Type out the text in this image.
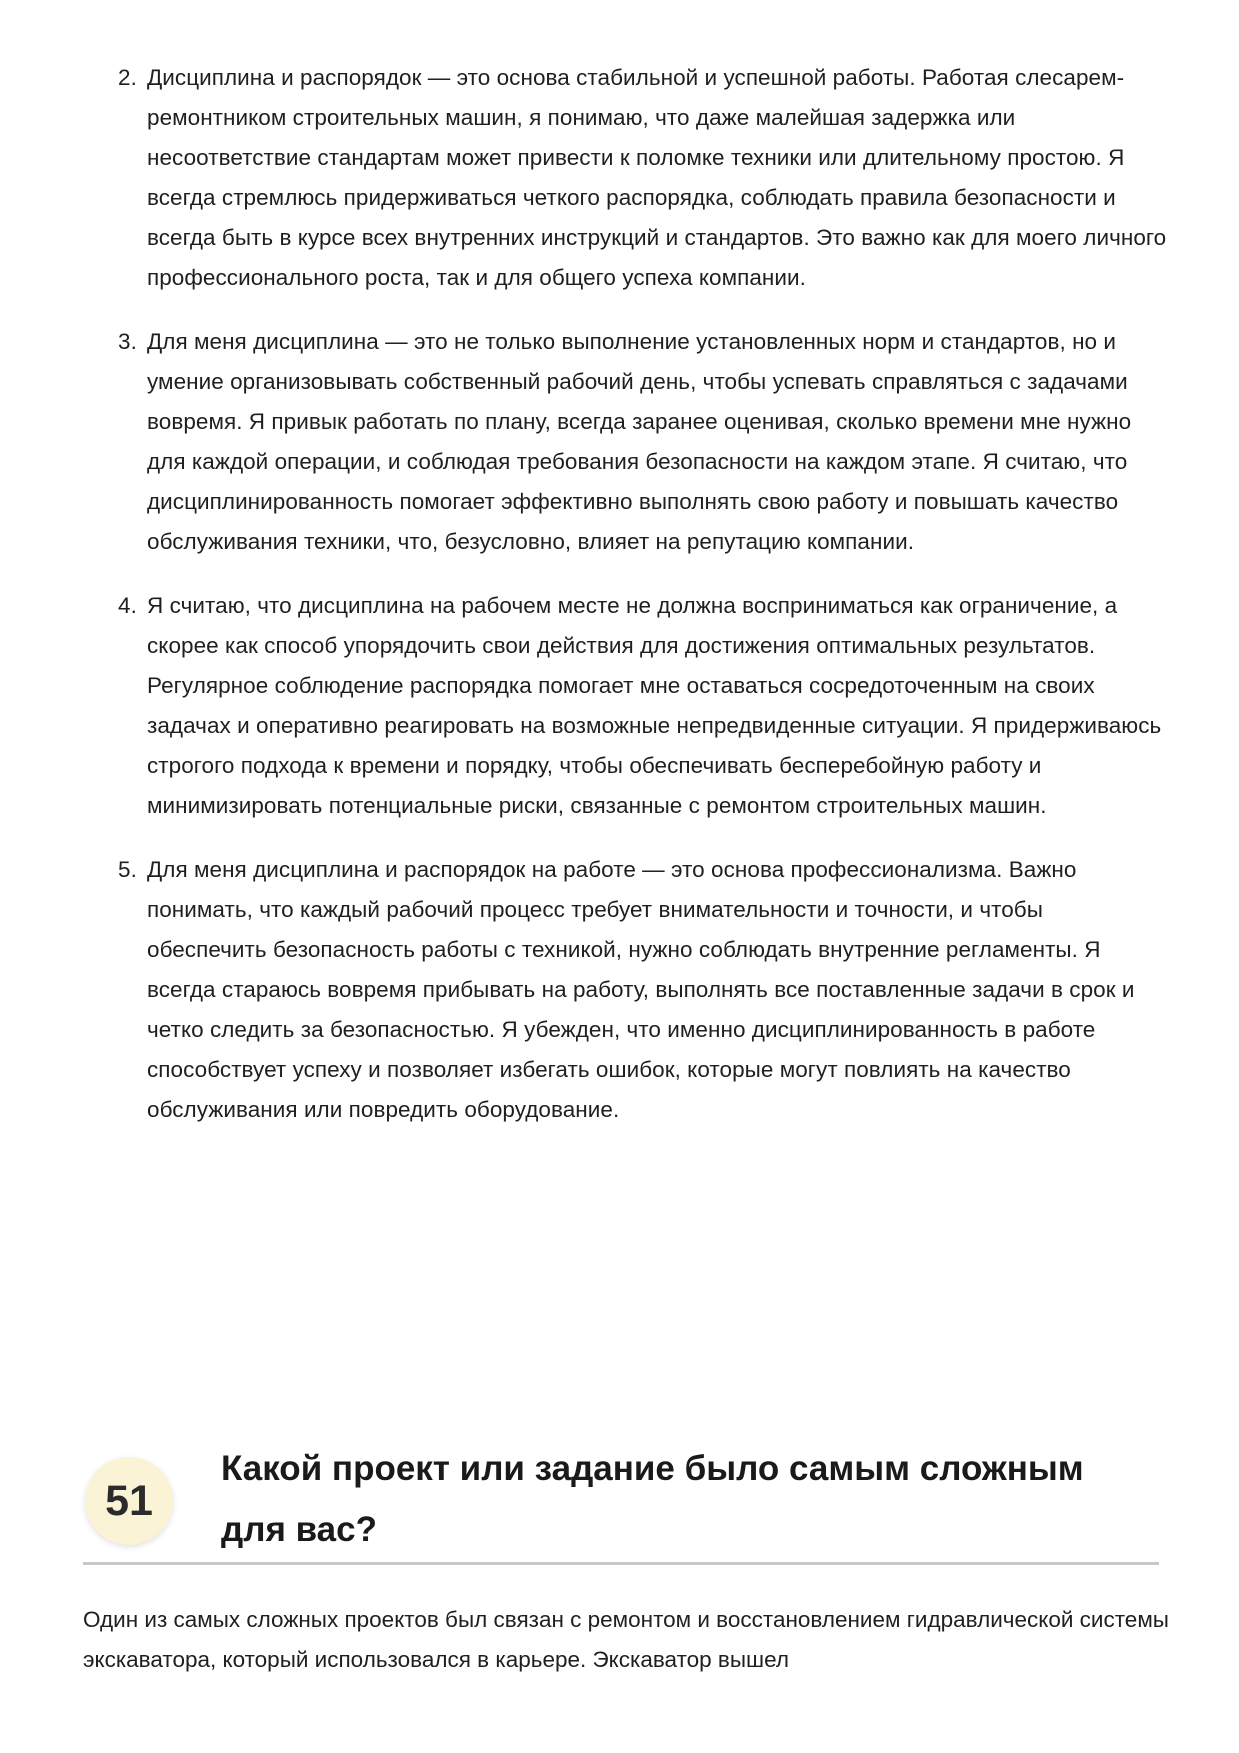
2. Дисциплина и распорядок — это основа стабильной и успешной работы. Работая слесарем-ремонтником строительных машин, я понимаю, что даже малейшая задержка или несоответствие стандартам может привести к поломке техники или длительному простою. Я всегда стремлюсь придерживаться четкого распорядка, соблюдать правила безопасности и всегда быть в курсе всех внутренних инструкций и стандартов. Это важно как для моего личного профессионального роста, так и для общего успеха компании.
3. Для меня дисциплина — это не только выполнение установленных норм и стандартов, но и умение организовывать собственный рабочий день, чтобы успевать справляться с задачами вовремя. Я привык работать по плану, всегда заранее оценивая, сколько времени мне нужно для каждой операции, и соблюдая требования безопасности на каждом этапе. Я считаю, что дисциплинированность помогает эффективно выполнять свою работу и повышать качество обслуживания техники, что, безусловно, влияет на репутацию компании.
4. Я считаю, что дисциплина на рабочем месте не должна восприниматься как ограничение, а скорее как способ упорядочить свои действия для достижения оптимальных результатов. Регулярное соблюдение распорядка помогает мне оставаться сосредоточенным на своих задачах и оперативно реагировать на возможные непредвиденные ситуации. Я придерживаюсь строгого подхода к времени и порядку, чтобы обеспечивать бесперебойную работу и минимизировать потенциальные риски, связанные с ремонтом строительных машин.
5. Для меня дисциплина и распорядок на работе — это основа профессионализма. Важно понимать, что каждый рабочий процесс требует внимательности и точности, и чтобы обеспечить безопасность работы с техникой, нужно соблюдать внутренние регламенты. Я всегда стараюсь вовремя прибывать на работу, выполнять все поставленные задачи в срок и четко следить за безопасностью. Я убежден, что именно дисциплинированность в работе способствует успеху и позволяет избегать ошибок, которые могут повлиять на качество обслуживания или повредить оборудование.
51
Какой проект или задание было самым сложным для вас?

Один из самых сложных проектов был связан с ремонтом и восстановлением гидравлической системы экскаватора, который использовался в карьере. Экскаватор вышел
